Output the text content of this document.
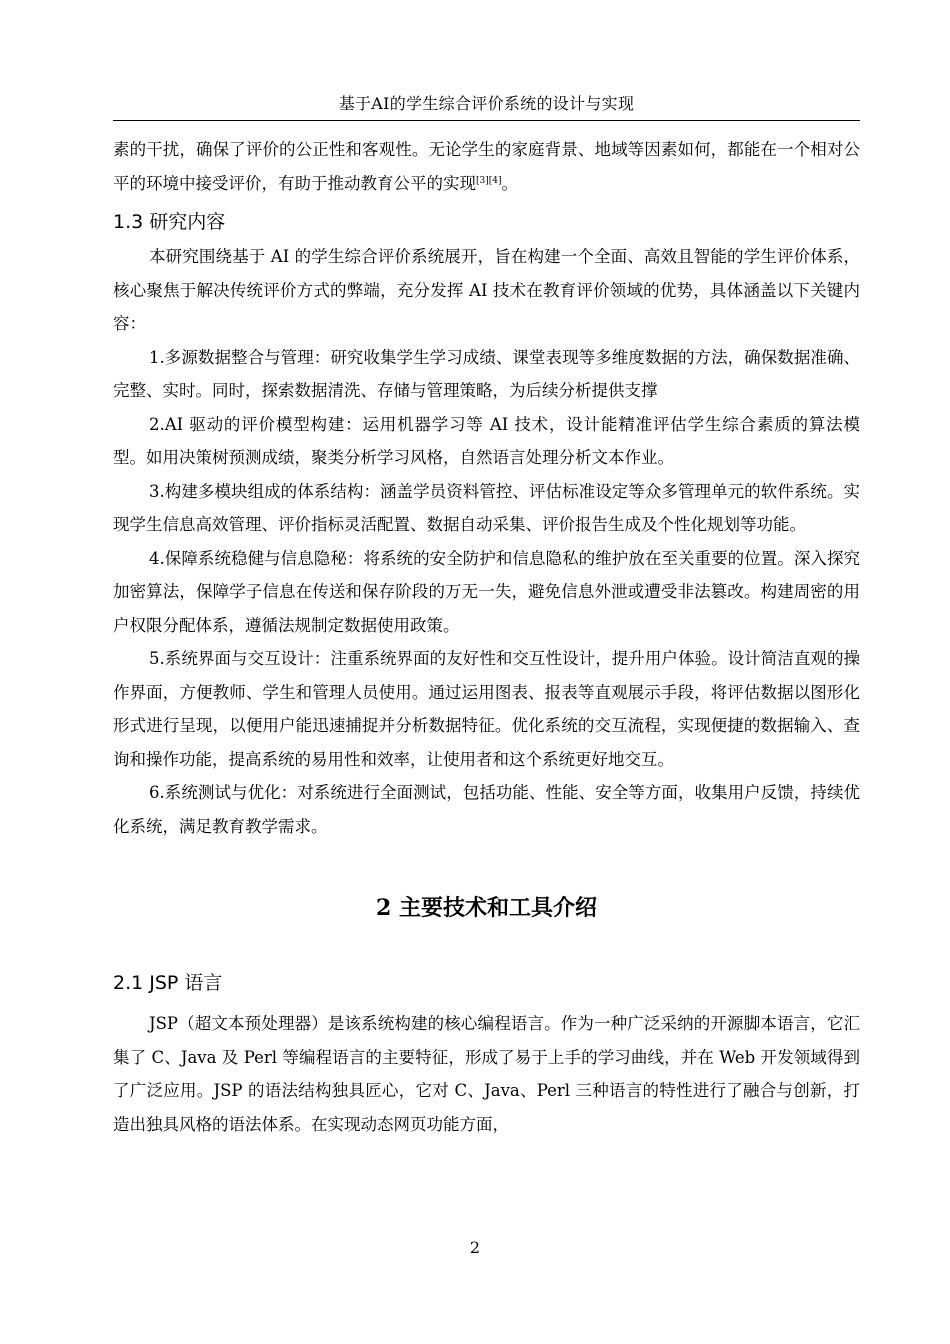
基于AI的学生综合评价系统的设计与实现

素的干扰，确保了评价的公正性和客观性。无论学生的家庭背景、地域等因素如何，都能在一个相对公平的环境中接受评价，有助于推动教育公平的实现[3][4]。

1.3 研究内容

本研究围绕基于 AI 的学生综合评价系统展开，旨在构建一个全面、高效且智能的学生评价体系，核心聚焦于解决传统评价方式的弊端，充分发挥 AI 技术在教育评价领域的优势，具体涵盖以下关键内容：

1.多源数据整合与管理：研究收集学生学习成绩、课堂表现等多维度数据的方法，确保数据准确、完整、实时。同时，探索数据清洗、存储与管理策略，为后续分析提供支撑

2.AI 驱动的评价模型构建：运用机器学习等 AI 技术，设计能精准评估学生综合素质的算法模型。如用决策树预测成绩，聚类分析学习风格，自然语言处理分析文本作业。

3.构建多模块组成的体系结构：涵盖学员资料管控、评估标准设定等众多管理单元的软件系统。实现学生信息高效管理、评价指标灵活配置、数据自动采集、评价报告生成及个性化规划等功能。

4.保障系统稳健与信息隐秘：将系统的安全防护和信息隐私的维护放在至关重要的位置。深入探究加密算法，保障学子信息在传送和保存阶段的万无一失，避免信息外泄或遭受非法篡改。构建周密的用户权限分配体系，遵循法规制定数据使用政策。

5.系统界面与交互设计：注重系统界面的友好性和交互性设计，提升用户体验。设计简洁直观的操作界面，方便教师、学生和管理人员使用。通过运用图表、报表等直观展示手段，将评估数据以图形化形式进行呈现，以便用户能迅速捕捉并分析数据特征。优化系统的交互流程，实现便捷的数据输入、查询和操作功能，提高系统的易用性和效率，让使用者和这个系统更好地交互。

6.系统测试与优化：对系统进行全面测试，包括功能、性能、安全等方面，收集用户反馈，持续优化系统，满足教育教学需求。

2 主要技术和工具介绍
2.1 JSP 语言

JSP（超文本预处理器）是该系统构建的核心编程语言。作为一种广泛采纳的开源脚本语言，它汇集了 C、Java 及 Perl 等编程语言的主要特征，形成了易于上手的学习曲线，并在 Web 开发领域得到了广泛应用。JSP 的语法结构独具匠心，它对 C、Java、Perl 三种语言的特性进行了融合与创新，打造出独具风格的语法体系。在实现动态网页功能方面，

2
